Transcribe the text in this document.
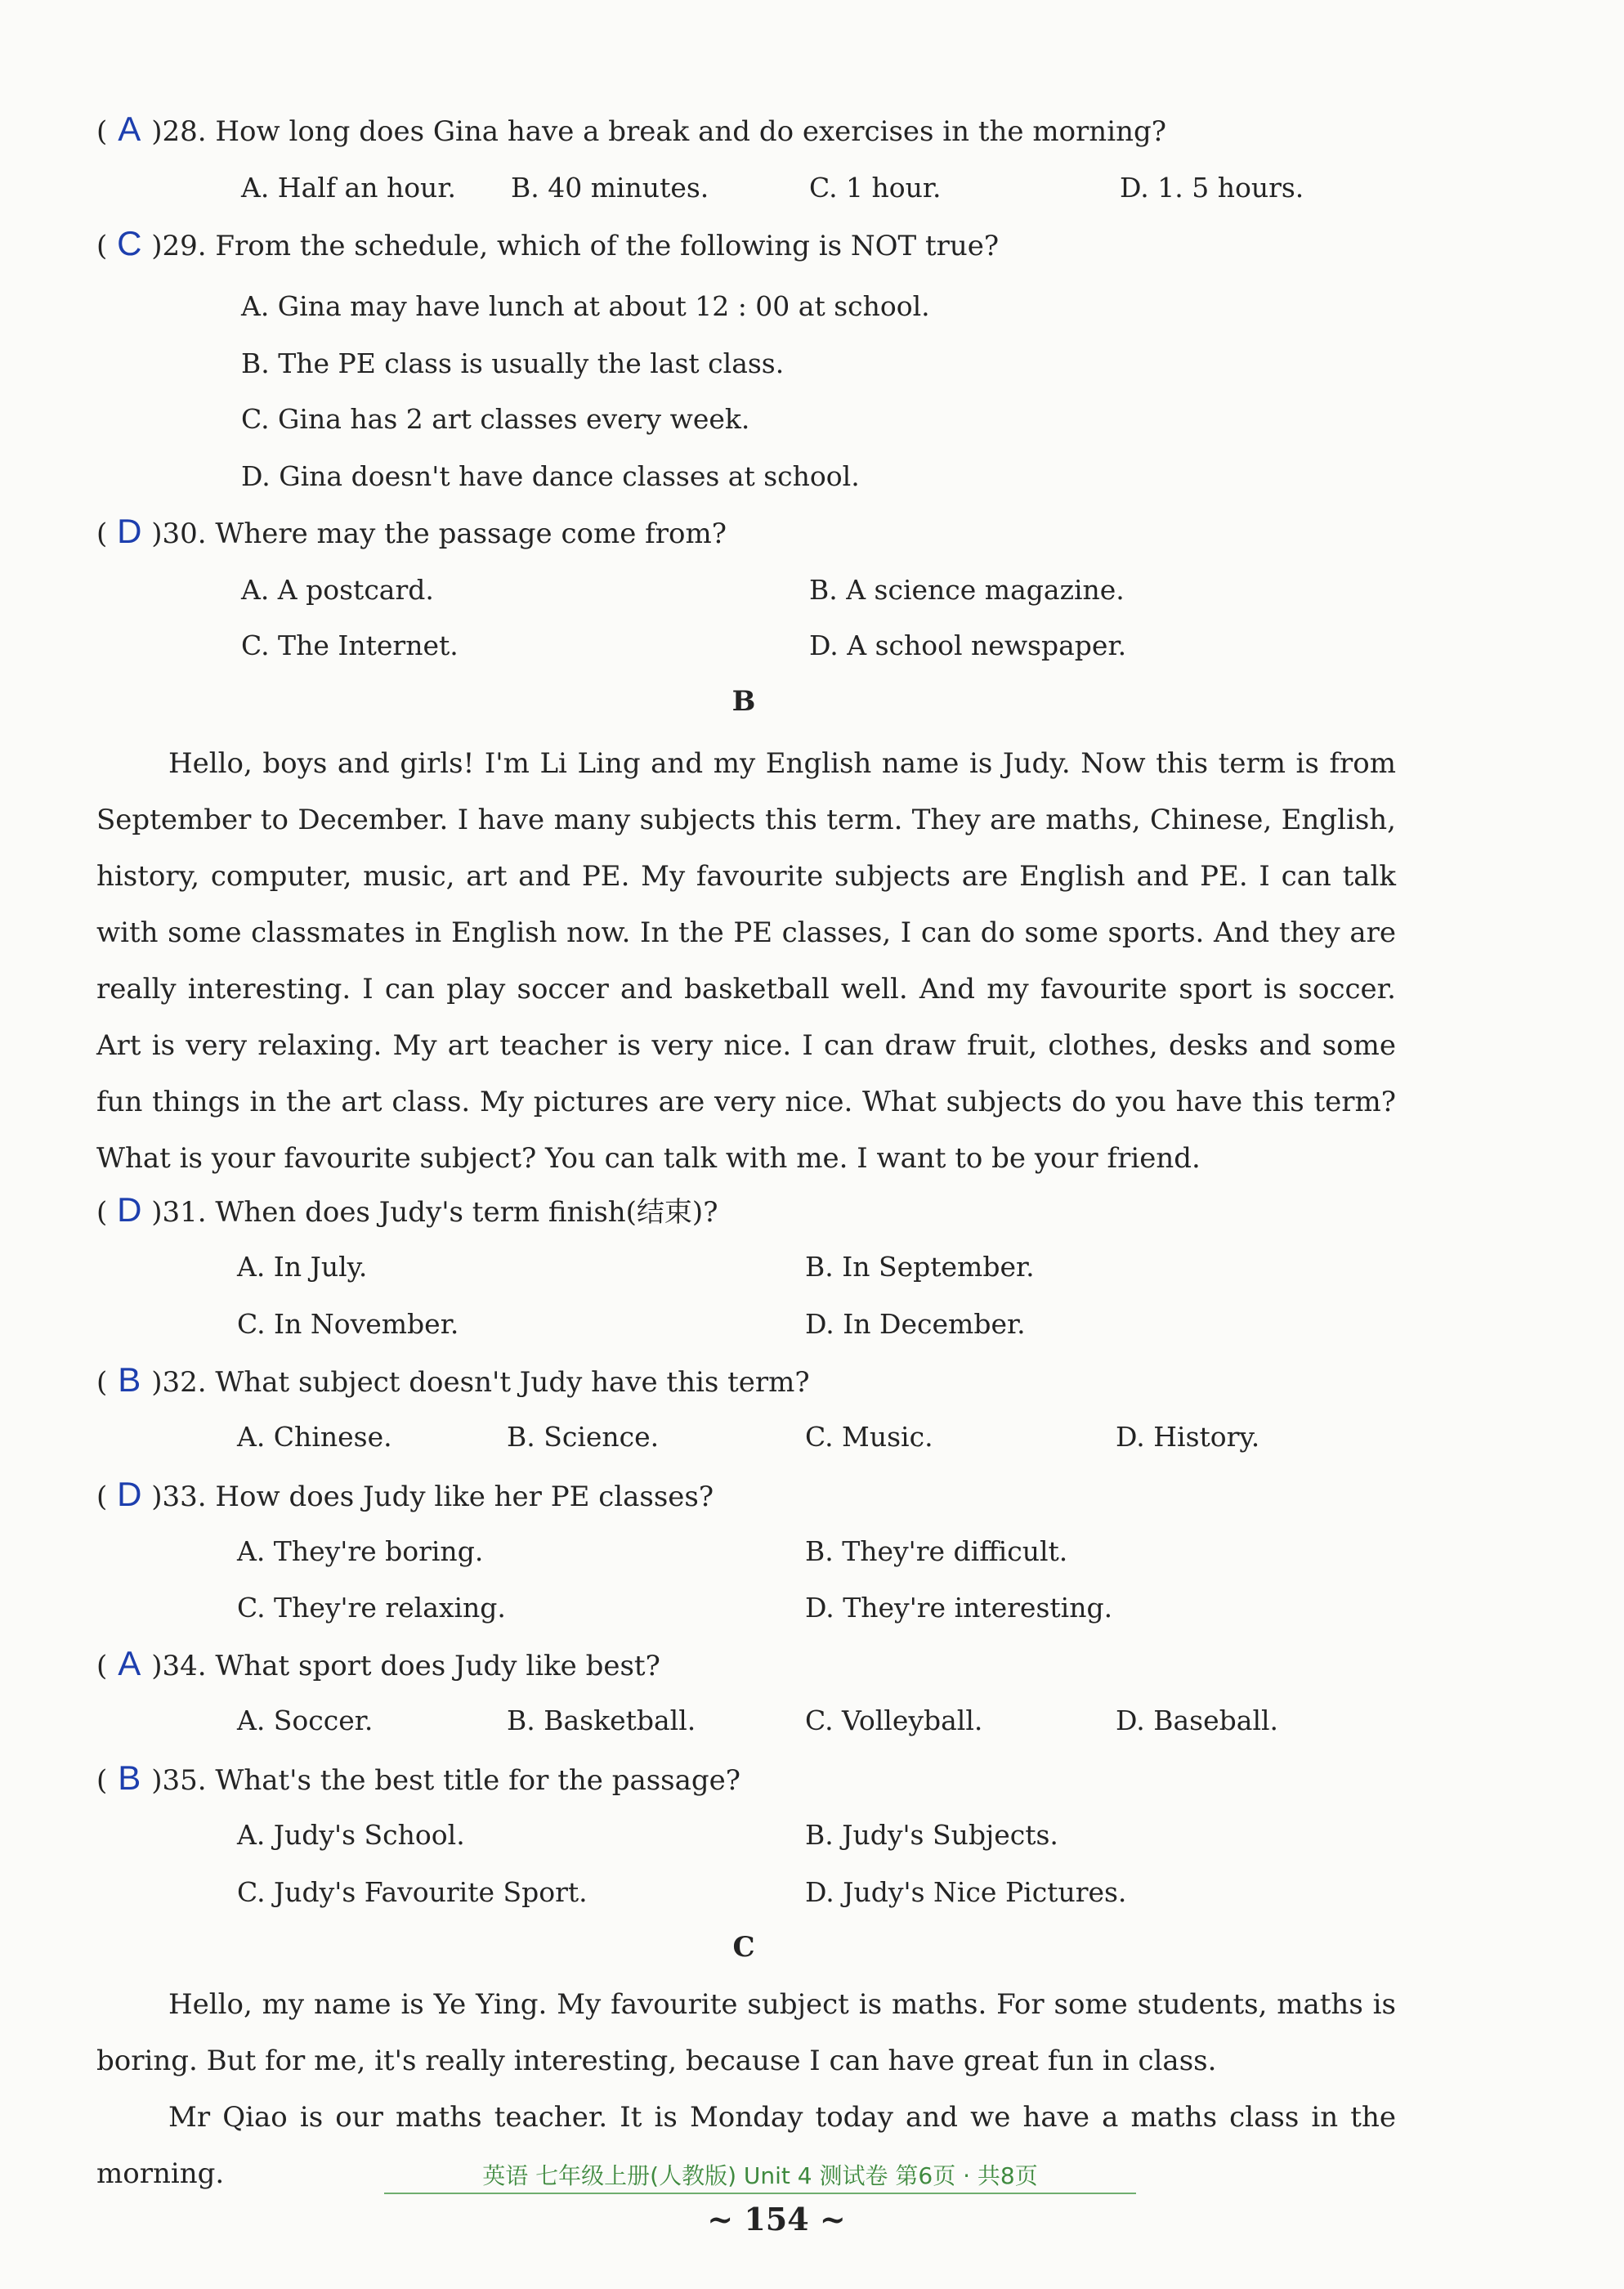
( A )28. How long does Gina have a break and do exercises in the morning?
A. Half an hour. B. 40 minutes.	C. 1 hour.	D. 1. 5 hours.
( C )29. From the schedule, which of the following is NOT true?
A. Gina may have lunch at about 12 : 00 at school.
B. The PE class is usually the last class.
C. Gina has 2 art classes every week.
D. Gina doesn't have dance classes at school.
( D )30. Where may the passage come from?
A. A postcard.	B. A science magazine.
C. The Internet.	D. A school newspaper.
B

Hello, boys and girls! I'm Li Ling and my English name is Judy. Now this term is from September to December. I have many subjects this term. They are maths, Chinese, English, history, computer, music, art and PE. My favourite subjects are English and PE. I can talk with some classmates in English now. In the PE classes, I can do some sports. And they are really interesting. I can play soccer and basketball well. And my favourite sport is soccer. Art is very relaxing. My art teacher is very nice. I can draw fruit, clothes, desks and some fun things in the art class. My pictures are very nice. What subjects do you have this term? What is your favourite subject? You can talk with me. I want to be your friend.

( D )31. When does Judy's term finish(结束)?
A. In July.	B. In September.
C. In November.	D. In December.
( B )32. What subject doesn't Judy have this term?
A. Chinese.	B. Science.	C. Music.	D. History.
( D )33. How does Judy like her PE classes?
A. They're boring.	B. They're difficult.
C. They're relaxing.	D. They're interesting.
( A )34. What sport does Judy like best?
A. Soccer.	B. Basketball.	C. Volleyball.	D. Baseball.
( B )35. What's the best title for the passage?
A. Judy's School.	B. Judy's Subjects.
C. Judy's Favourite Sport.	D. Judy's Nice Pictures.
C

Hello, my name is Ye Ying. My favourite subject is maths. For some students, maths is boring. But for me, it's really interesting, because I can have great fun in class.

Mr Qiao is our maths teacher. It is Monday today and we have a maths class in the morning.	英语 七年级上册(人教版) Unit 4 测试卷 第6页 · 共8页
~ 154 ~
